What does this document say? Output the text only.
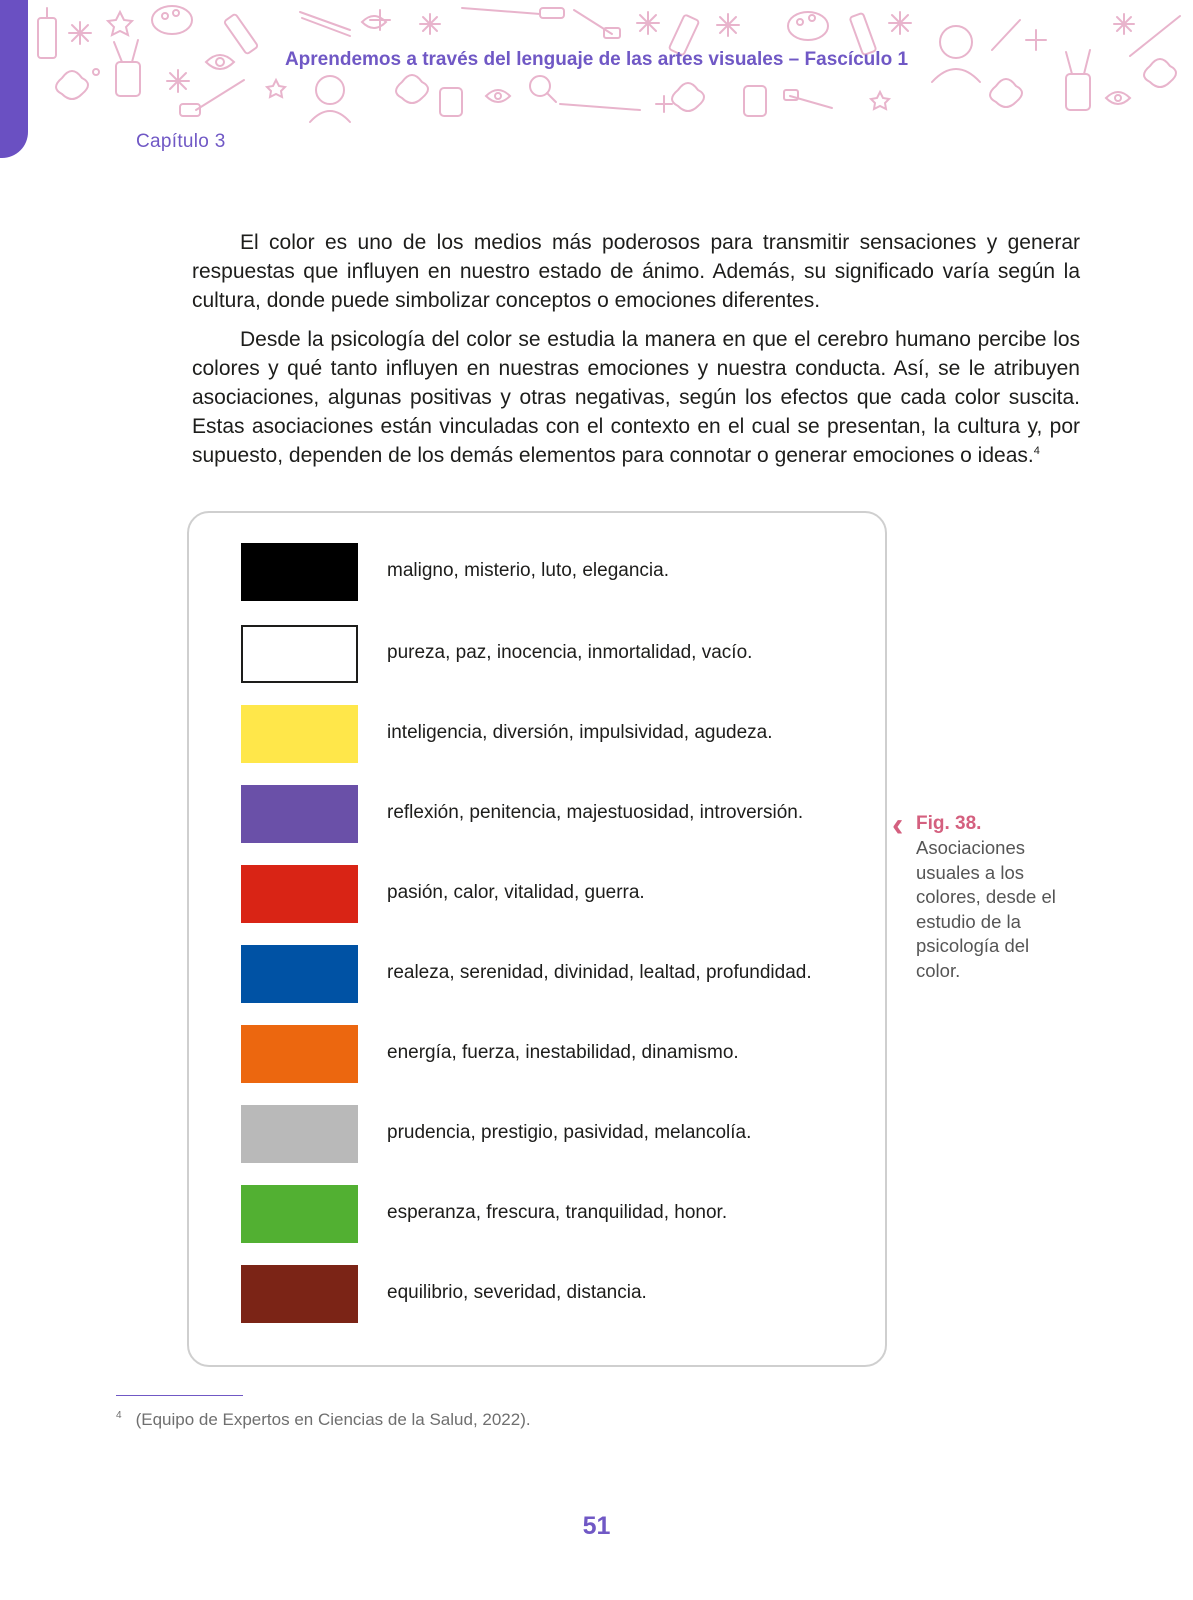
Aprendemos a través del lenguaje de las artes visuales – Fascículo 1
Capítulo 3

El color es uno de los medios más poderosos para transmitir sensaciones y generar respuestas que influyen en nuestro estado de ánimo. Además, su significado varía según la cultura, donde puede simbolizar conceptos o emociones diferentes.

Desde la psicología del color se estudia la manera en que el cerebro humano percibe los colores y qué tanto influyen en nuestras emociones y nuestra conducta. Así, se le atribuyen asociaciones, algunas positivas y otras negativas, según los efectos que cada color suscita. Estas asociaciones están vinculadas con el contexto en el cual se presentan, la cultura y, por supuesto, dependen de los demás elementos para connotar o generar emociones o ideas.$^4$

maligno, misterio, luto, elegancia.
pureza, paz, inocencia, inmortalidad, vacío.
inteligencia, diversión, impulsividad, agudeza.
reflexión, penitencia, majestuosidad, introversión.
pasión, calor, vitalidad, guerra.
realeza, serenidad, divinidad, lealtad, profundidad.
energía, fuerza, inestabilidad, dinamismo.
prudencia, prestigio, pasividad, melancolía.
esperanza, frescura, tranquilidad, honor.
equilibrio, severidad, distancia.
‹ Fig. 38.
Asociaciones usuales a los colores, desde el estudio de la psicología del color.
$^4$ (Equipo de Expertos en Ciencias de la Salud, 2022).
51
